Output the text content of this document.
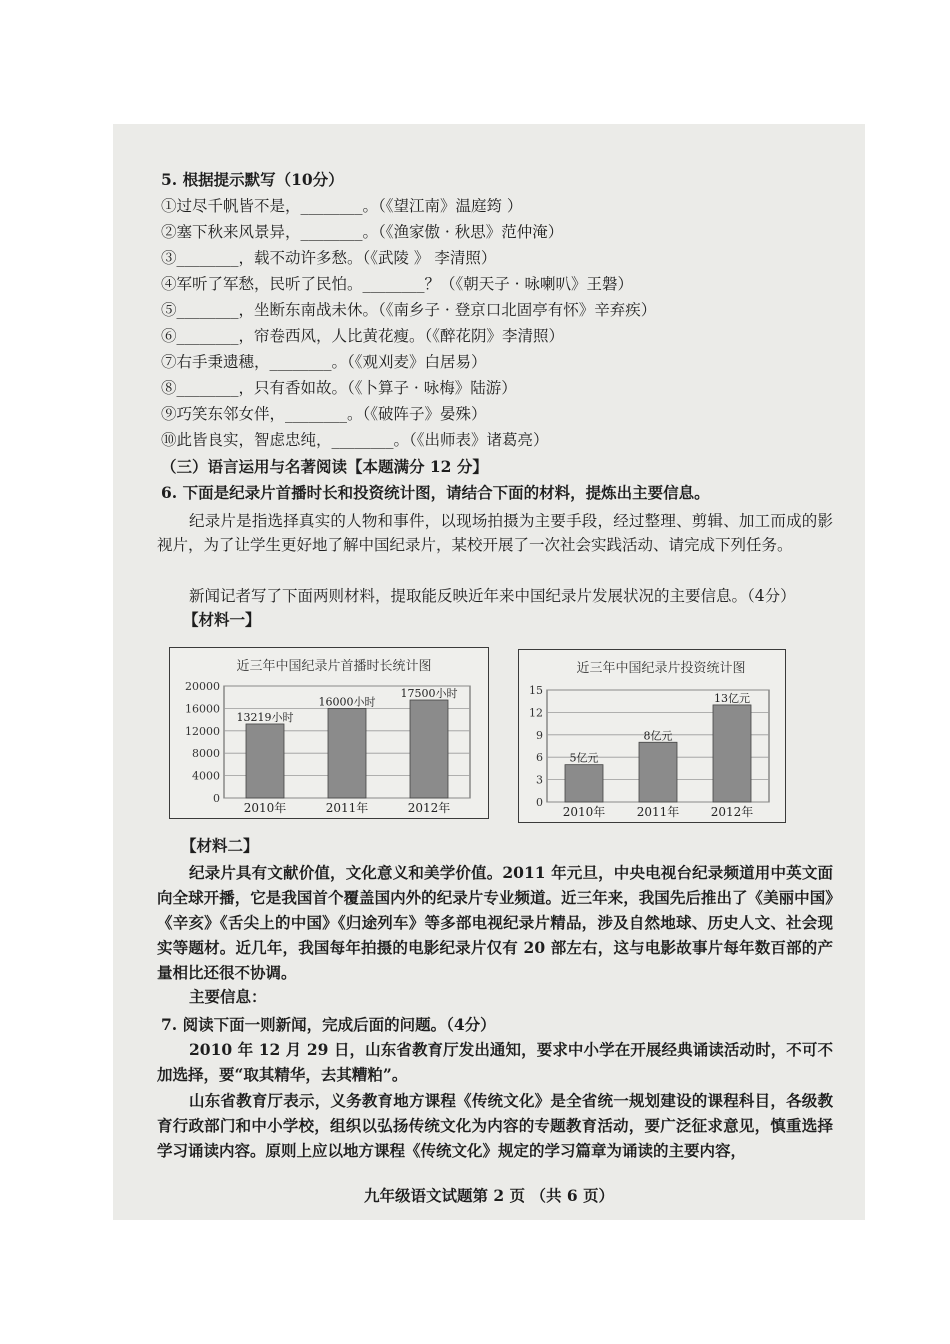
5. 根据提示默写（10分）
①过尽千帆皆不是，________。（《望江南》温庭筠 ）
②塞下秋来风景异，________。（《渔家傲 · 秋思》范仲淹）
③________，载不动许多愁。（《武陵 》 李清照）
④军听了军愁，民听了民怕。________？（《朝天子 · 咏喇叭》王磐）
⑤________，坐断东南战未休。（《南乡子 · 登京口北固亭有怀》辛弃疾）
⑥________，帘卷西风，人比黄花瘦。（《醉花阴》李清照）
⑦右手秉遗穗，________。（《观刈麦》白居易）
⑧________，只有香如故。（《卜算子 · 咏梅》陆游）
⑨巧笑东邻女伴，________。（《破阵子》晏殊）
⑩此皆良实，智虑忠纯，________。（《出师表》诸葛亮）
（三）语言运用与名著阅读【本题满分 12 分】
6. 下面是纪录片首播时长和投资统计图，请结合下面的材料，提炼出主要信息。
纪录片是指选择真实的人物和事件，以现场拍摄为主要手段，经过整理、剪辑、加工而成的影视片，为了让学生更好地了解中国纪录片，某校开展了一次社会实践活动、请完成下列任务。
新闻记者写了下面两则材料，提取能反映近年来中国纪录片发展状况的主要信息。（4分）
【材料一】
近三年中国纪录片首播时长统计图
0
4000
8000
12000
16000
20000
13219小时
2010年
16000小时
2011年
17500小时
2012年
近三年中国纪录片投资统计图
0
3
6
9
12
15
5亿元
2010年
8亿元
2011年
13亿元
2012年
【材料二】
纪录片具有文献价值，文化意义和美学价值。2011 年元旦，中央电视台纪录频道用中英文面向全球开播，它是我国首个覆盖国内外的纪录片专业频道。近三年来，我国先后推出了《美丽中国》《辛亥》《舌尖上的中国》《归途列车》等多部电视纪录片精品，涉及自然地球、历史人文、社会现实等题材。近几年，我国每年拍摄的电影纪录片仅有 20 部左右，这与电影故事片每年数百部的产量相比还很不协调。
主要信息：
7. 阅读下面一则新闻，完成后面的问题。（4分）
2010 年 12 月 29 日，山东省教育厅发出通知，要求中小学在开展经典诵读活动时，不可不加选择，要“取其精华，去其糟粕”。
山东省教育厅表示，义务教育地方课程《传统文化》是全省统一规划建设的课程科目，各级教育行政部门和中小学校，组织以弘扬传统文化为内容的专题教育活动，要广泛征求意见，慎重选择学习诵读内容。原则上应以地方课程《传统文化》规定的学习篇章为诵读的主要内容，
九年级语文试题第 2 页 （共 6 页）
